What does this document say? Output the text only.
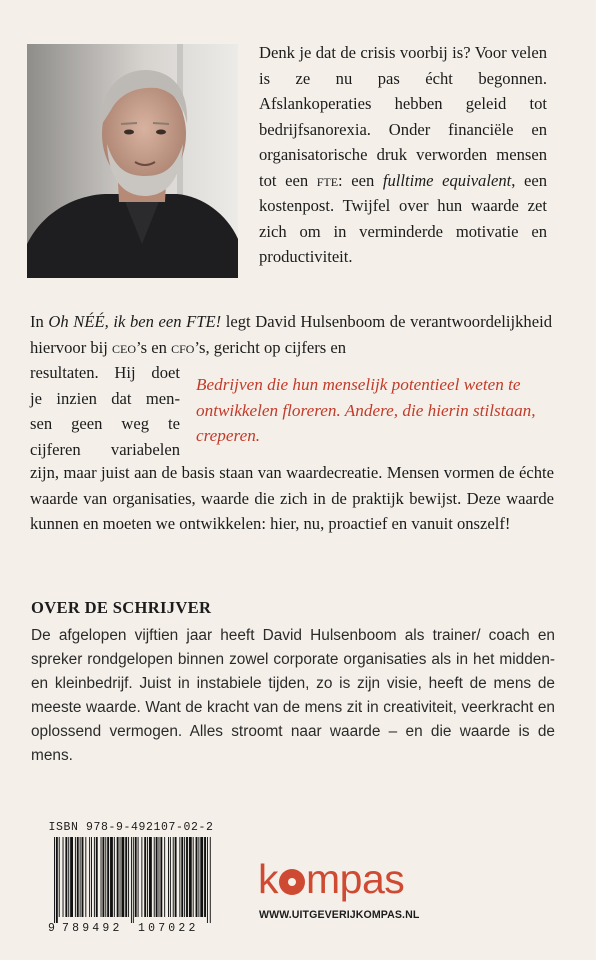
Denk je dat de crisis voorbij is? Voor velen is ze nu pas écht begonnen. Afslankoperaties hebben geleid tot bedrijfsanorexia. Onder financiële en organisatorische druk verworden mensen tot een fte: een fulltime equivalent, een kostenpost. Twijfel over hun waarde zet zich om in verminderde motivatie en productiviteit.
In Oh NÉÉ, ik ben een FTE! legt David Hulsenboom de verantwoordelijkheid hiervoor bij ceo’s en cfo’s, gericht op cijfers en
resultaten. Hij doet
je inzien dat men-
sen geen weg te
cijferen variabelen
Bedrijven die hun menselijk potentieel weten te ontwikkelen floreren. Andere, die hierin stilstaan, creperen.
zijn, maar juist aan de basis staan van waardecreatie. Mensen vormen de échte waarde van organisaties, waarde die zich in de praktijk bewijst. Deze waarde kunnen en moeten we ontwikkelen: hier, nu, proactief en vanuit onszelf!
OVER DE SCHRIJVER
De afgelopen vijftien jaar heeft David Hulsenboom als trainer/ coach en spreker rondgelopen binnen zowel corporate organisaties als in het midden- en kleinbedrijf. Juist in instabiele tijden, zo is zijn visie, heeft de mens de meeste waarde. Want de kracht van de mens zit in creativiteit, veerkracht en oplossend vermogen. Alles stroomt naar waarde – en die waarde is de mens.
ISBN 978-9-492107-02-2
9 789492 107022
k mpas
WWW.UITGEVERIJKOMPAS.NL
